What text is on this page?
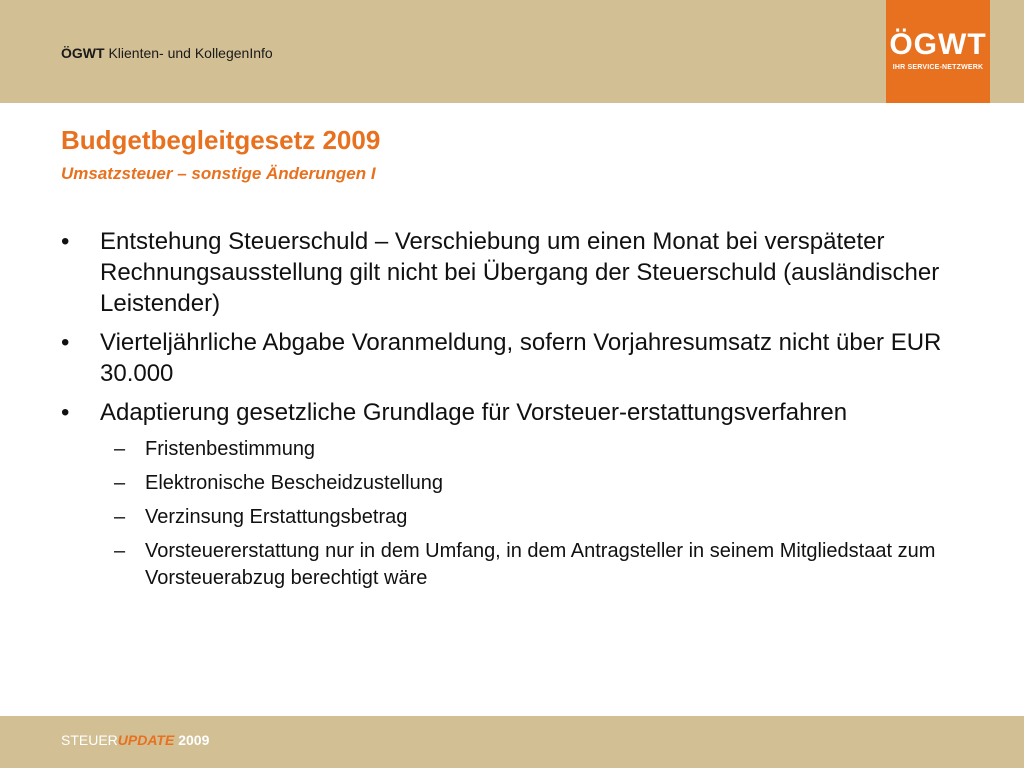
ÖGWT Klienten- und KollegenInfo	ÖGWT
IHR SERVICE-NETZWERK
Budgetbegleitgesetz 2009
Umsatzsteuer – sonstige Änderungen I
•	Entstehung Steuerschuld – Verschiebung um einen Monat bei verspäteter Rechnungsausstellung gilt nicht bei Übergang der Steuerschuld (ausländischer Leistender)
•	Vierteljährliche Abgabe Voranmeldung, sofern Vorjahresumsatz nicht über EUR 30.000
•	Adaptierung gesetzliche Grundlage für Vorsteuer-erstattungsverfahren
– Fristenbestimmung
– Elektronische Bescheidzustellung
– Verzinsung Erstattungsbetrag
– Vorsteuererstattung nur in dem Umfang, in dem Antragsteller in seinem Mitgliedstaat zum Vorsteuerabzug berechtigt wäre
STEUERUPDATE 2009
